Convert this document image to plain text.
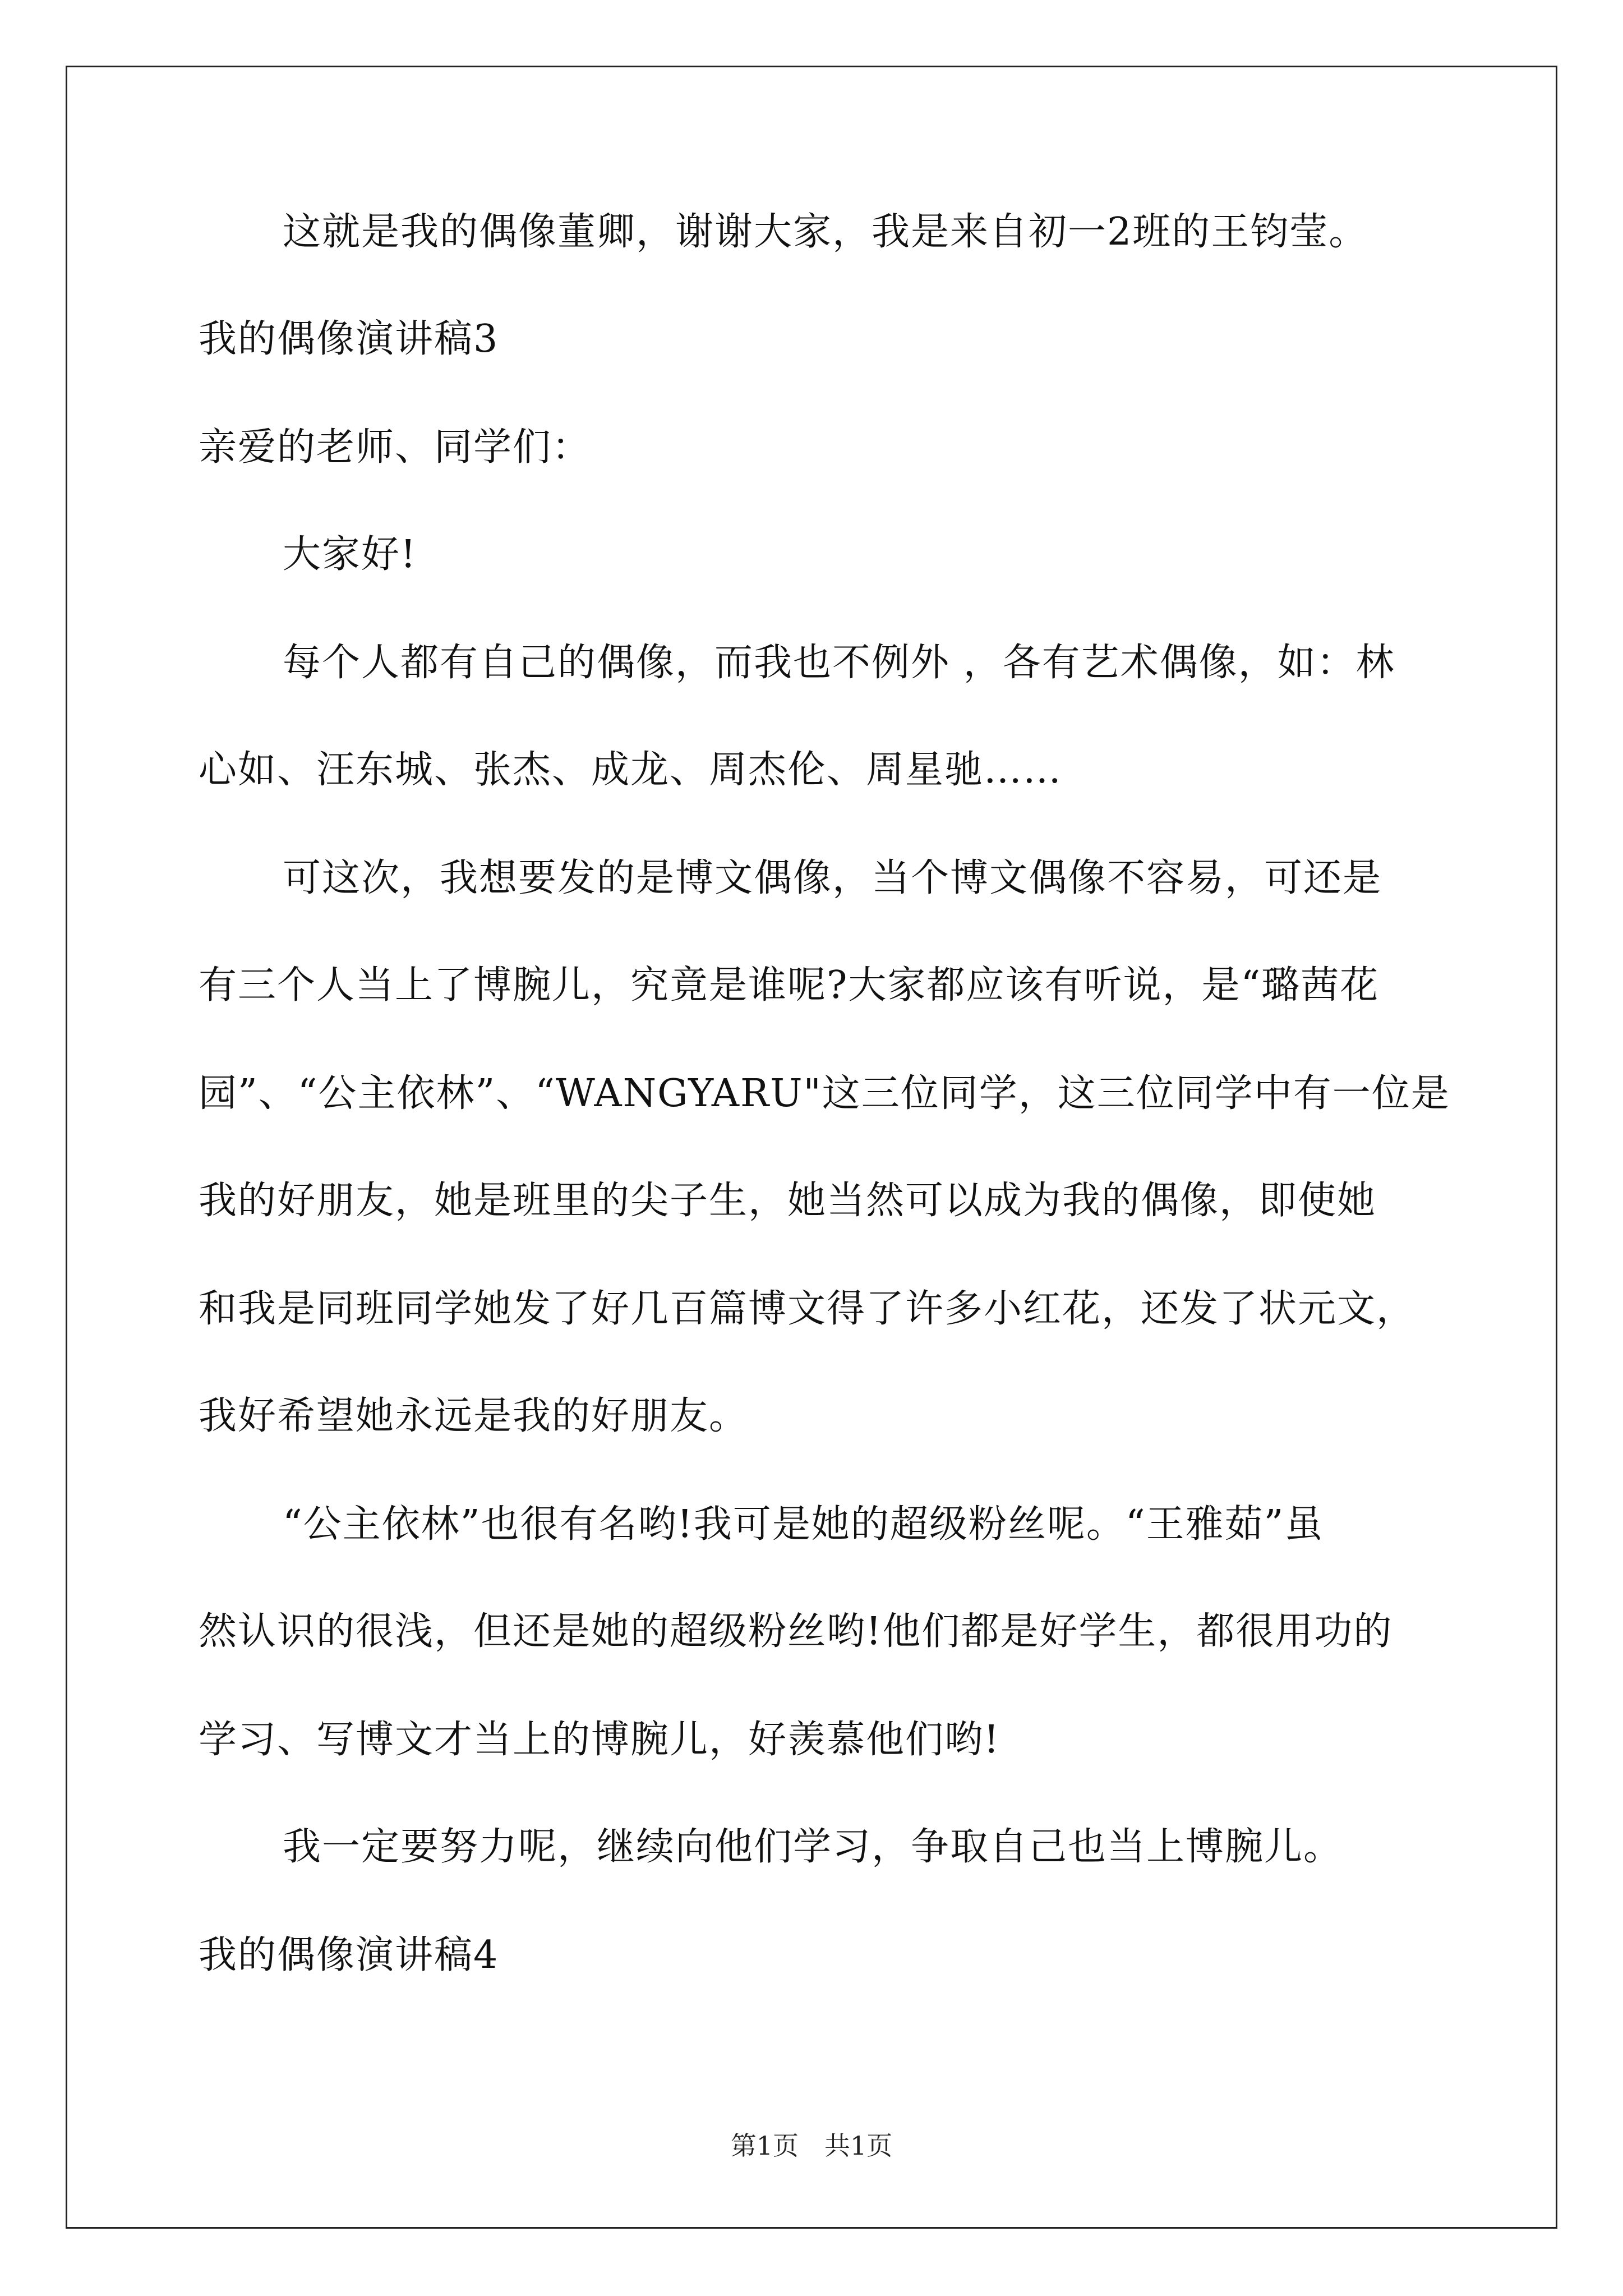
这就是我的偶像董卿，谢谢大家，我是来自初一2班的王钧莹。
我的偶像演讲稿3
亲爱的老师、同学们：
大家好!
每个人都有自己的偶像，而我也不例外 ，各有艺术偶像，如：林
心如、汪东城、张杰、成龙、周杰伦、周星驰……
可这次，我想要发的是博文偶像，当个博文偶像不容易，可还是
有三个人当上了博腕儿，究竟是谁呢?大家都应该有听说，是“璐茜花
园”、“公主依林”、“WANGYARU"这三位同学，这三位同学中有一位是
我的好朋友，她是班里的尖子生，她当然可以成为我的偶像，即使她
和我是同班同学她发了好几百篇博文得了许多小红花，还发了状元文，
我好希望她永远是我的好朋友。
“公主依林”也很有名哟!我可是她的超级粉丝呢。“王雅茹”虽
然认识的很浅，但还是她的超级粉丝哟!他们都是好学生，都很用功的
学习、写博文才当上的博腕儿，好羡慕他们哟!
我一定要努力呢，继续向他们学习，争取自己也当上博腕儿。
我的偶像演讲稿4
第1页　共1页
